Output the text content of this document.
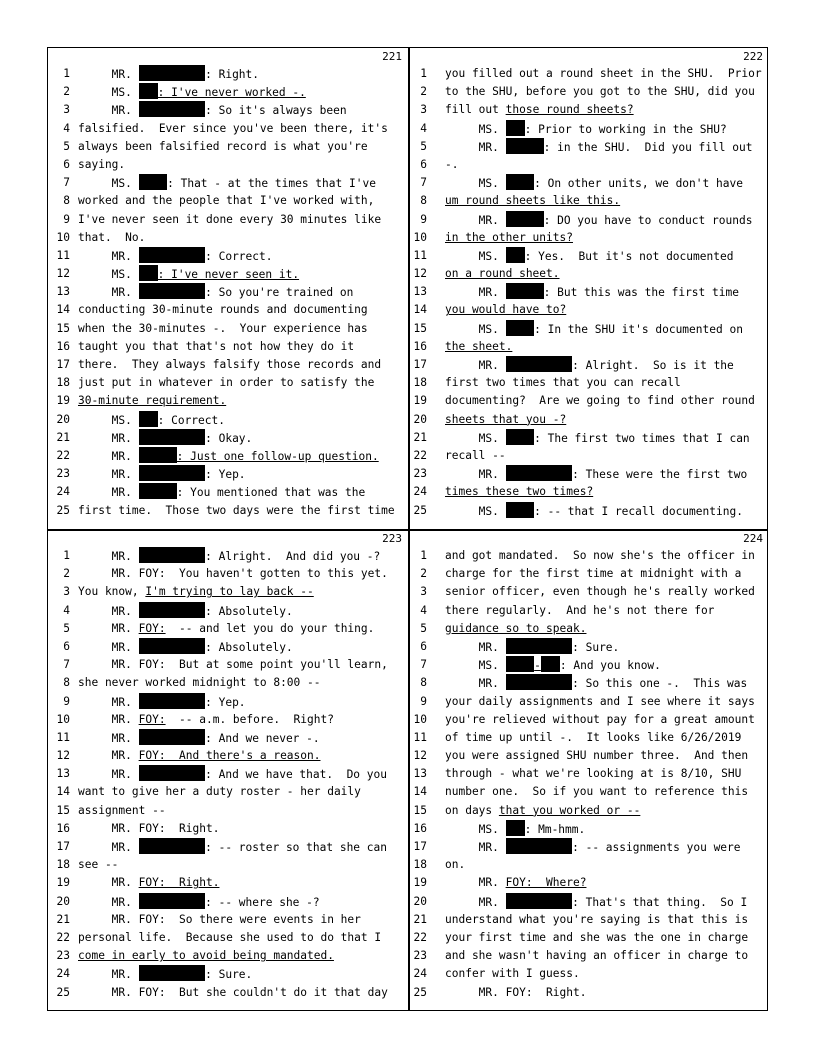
221
1 MR.	: Right.
2 MS. : I've never worked -.
3 MR.	: So it's always been
4 falsified.  Ever since you've been there, it's
5 always been falsified record is what you're
6 saying.
7 MS.	: That - at the times that I've
8 worked and the people that I've worked with,
9 I've never seen it done every 30 minutes like
10 that.  No.
11 MR.	: Correct.
12 MS. : I've never seen it.
13 MR.	: So you're trained on
14 conducting 30-minute rounds and documenting
15 when the 30-minutes -.  Your experience has
16 taught you that that's not how they do it
17 there.  They always falsify those records and
18 just put in whatever in order to satisfy the
19 30-minute requirement.
20 MS. : Correct.
21 MR.	: Okay.
22 MR.	: Just one follow-up question.
23 MR.	: Yep.
24 MR.	: You mentioned that was the
25 first time.  Those two days were the first time
222
1 you filled out a round sheet in the SHU.  Prior
2 to the SHU, before you got to the SHU, did you
3 fill out those round sheets?
4 MS. : Prior to working in the SHU?
5 MR.	: in the SHU.  Did you fill out
6 -.
7 MS.	: On other units, we don't have
8 um round sheets like this.
9 MR.	: DO you have to conduct rounds
10 in the other units?
11 MS. : Yes.  But it's not documented
12 on a round sheet.
13 MR.	: But this was the first time
14 you would have to?
15 MS.	: In the SHU it's documented on
16 the sheet.
17 MR.	: Alright.  So is it the
18 first two times that you can recall
19 documenting?  Are we going to find other round
20 sheets that you -?
21 MS.	: The first two times that I can
22 recall --
23 MR.	: These were the first two
24 times these two times?
25 MS.	: -- that I recall documenting.
223
1 MR.	: Alright.  And did you -?
2 MR. FOY:  You haven't gotten to this yet.
3 You know, I'm trying to lay back --
4 MR.	: Absolutely.
5 MR. FOY:  -- and let you do your thing.
6 MR.	: Absolutely.
7 MR. FOY:  But at some point you'll learn,
8 she never worked midnight to 8:00 --
9 MR.	: Yep.
10 MR. FOY:  -- a.m. before.  Right?
11 MR.	: And we never -.
12 MR. FOY:  And there's a reason.
13 MR.	: And we have that.  Do you
14 want to give her a duty roster - her daily
15 assignment --
16 MR. FOY:  Right.
17 MR.	: -- roster so that she can
18 see --
19 MR. FOY:  Right.
20 MR.	: -- where she -?
21 MR. FOY:  So there were events in her
22 personal life.  Because she used to do that I
23 come in early to avoid being mandated.
24 MR.	: Sure.
25 MR. FOY:  But she couldn't do it that day
224
1 and got mandated.  So now she's the officer in
2 charge for the first time at midnight with a
3 senior officer, even though he's really worked
4 there regularly.  And he's not there for
5 guidance so to speak.
6 MR.	: Sure.
7 MS.	- : And you know.
8 MR.	: So this one -.  This was
9 your daily assignments and I see where it says
10 you're relieved without pay for a great amount
11 of time up until -.  It looks like 6/26/2019
12 you were assigned SHU number three.  And then
13 through - what we're looking at is 8/10, SHU
14 number one.  So if you want to reference this
15 on days that you worked or --
16 MS. : Mm-hmm.
17 MR.	: -- assignments you were
18 on.
19 MR. FOY:  Where?
20 MR.	: That's that thing.  So I
21 understand what you're saying is that this is
22 your first time and she was the one in charge
23 and she wasn't having an officer in charge to
24 confer with I guess.
25 MR. FOY:  Right.
